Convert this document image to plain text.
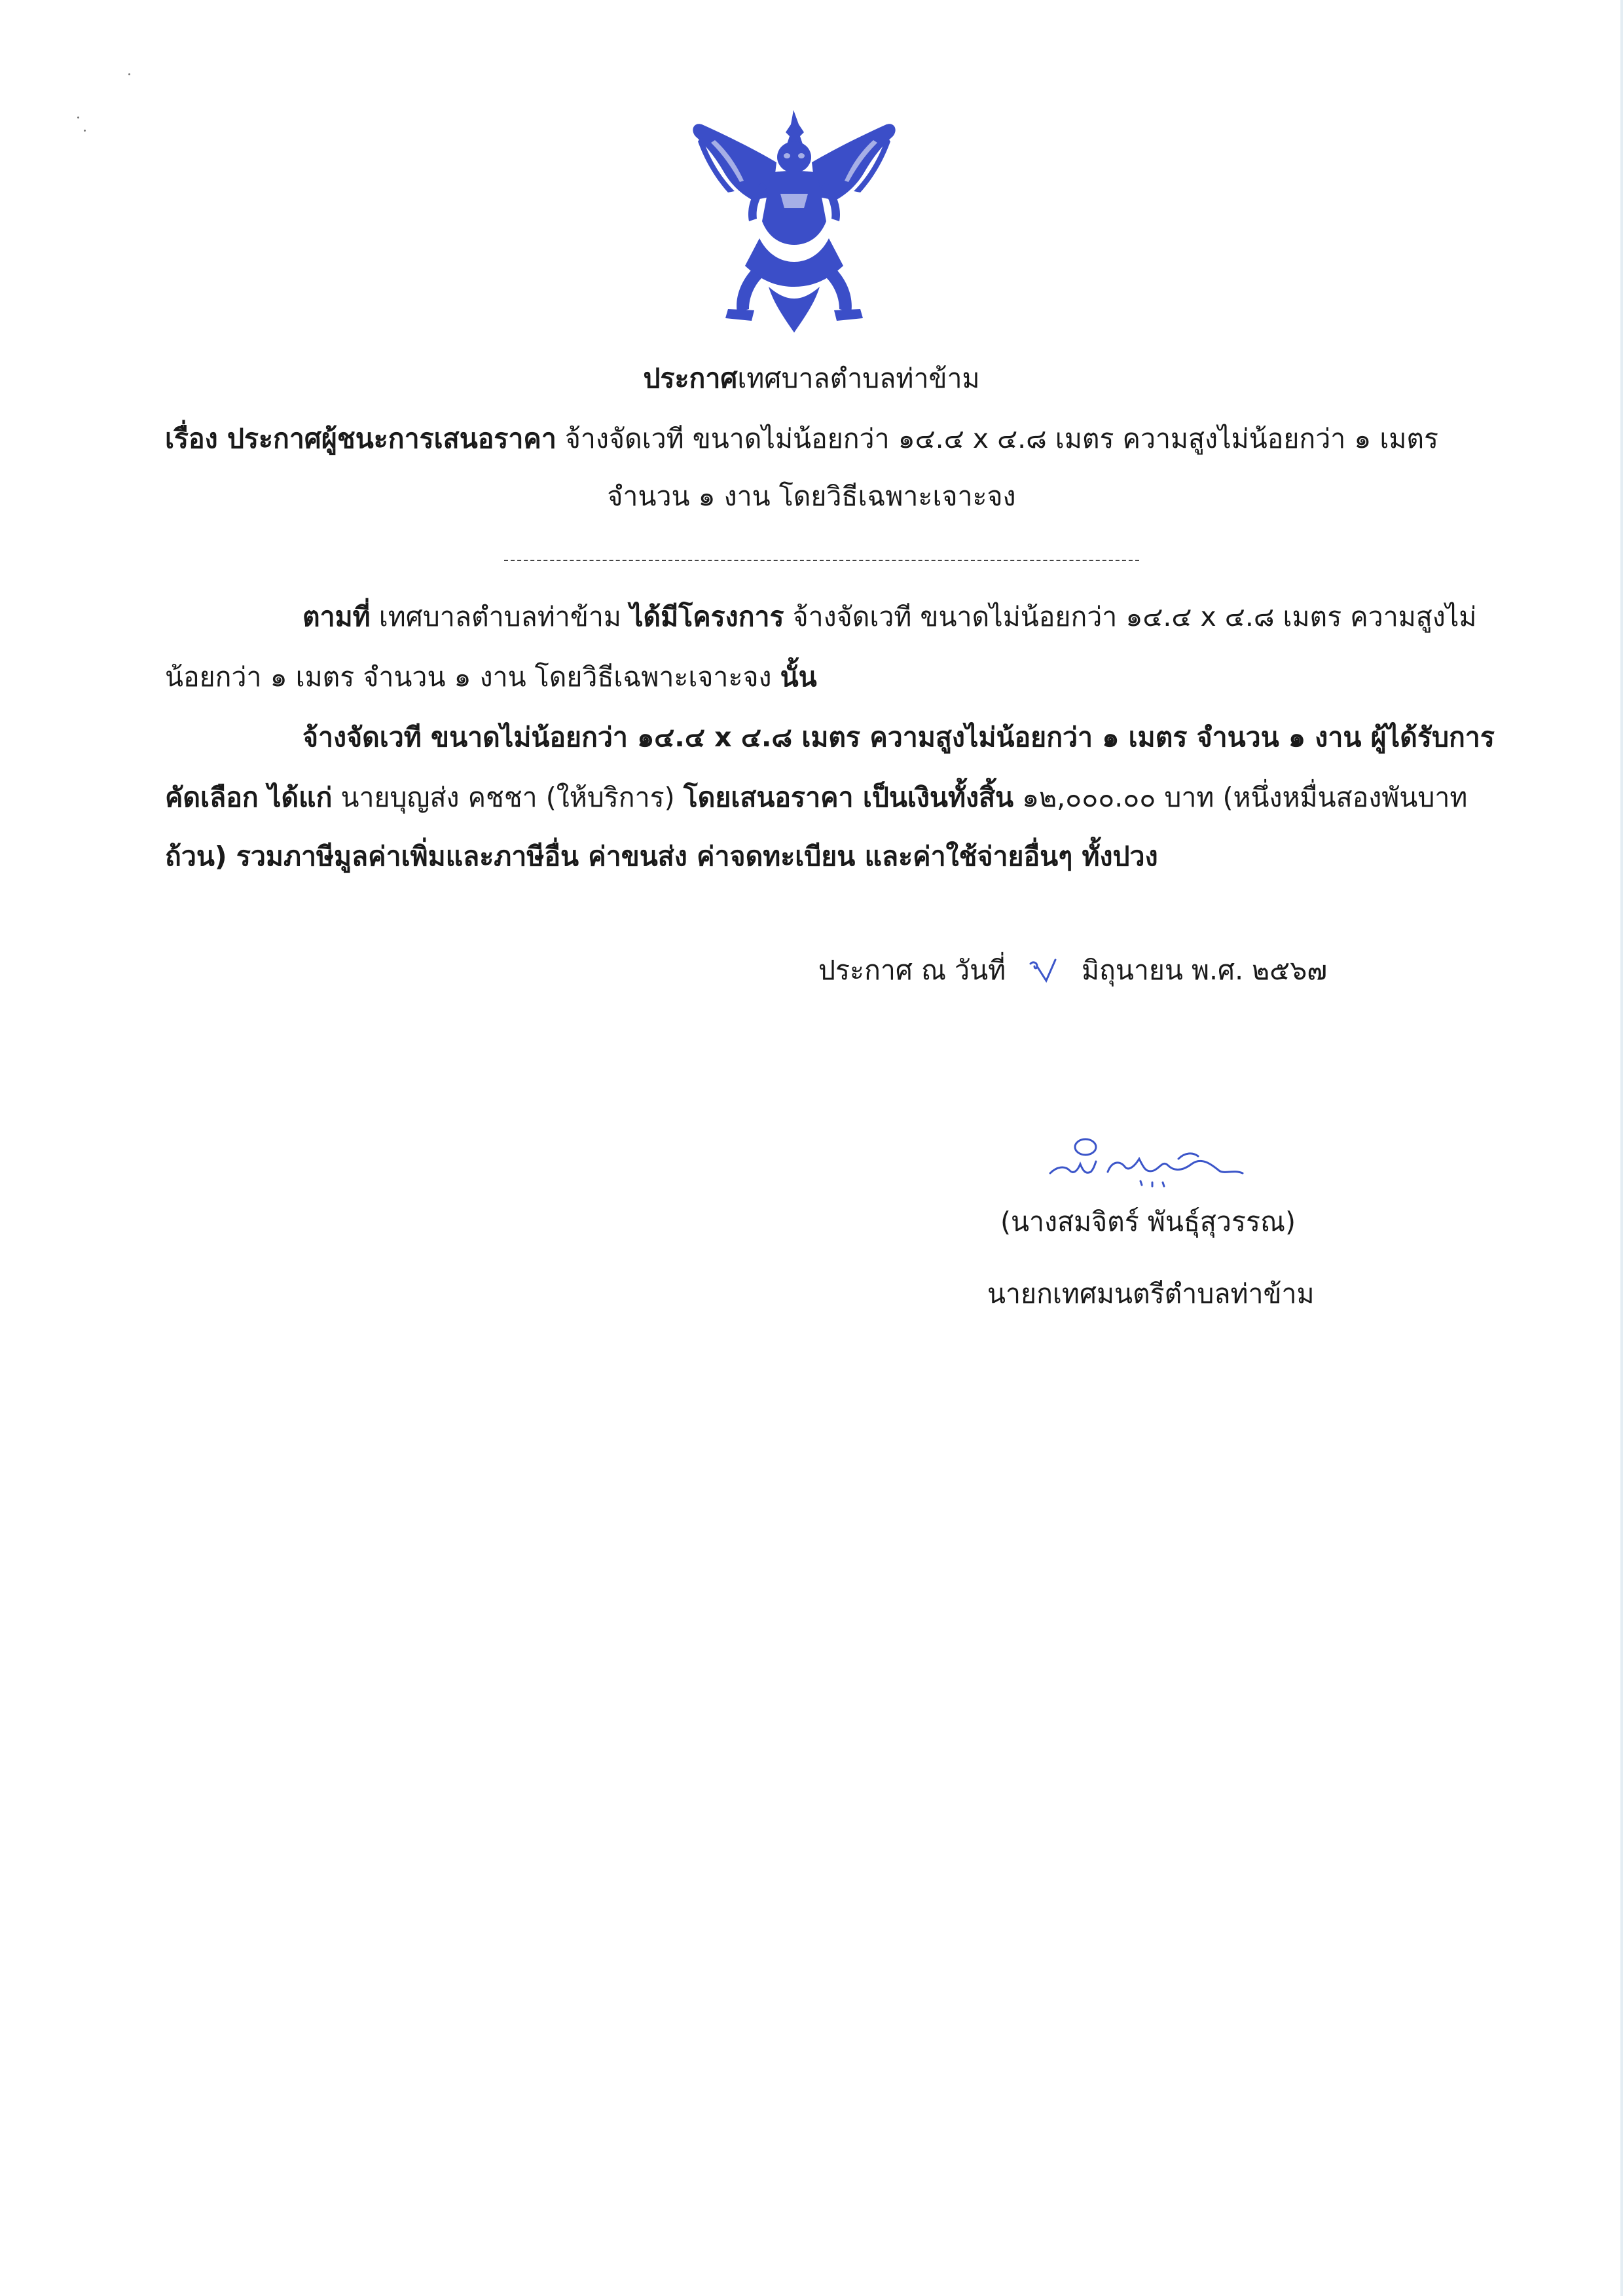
ประกาศเทศบาลตำบลท่าข้าม
เรื่อง ประกาศผู้ชนะการเสนอราคา จ้างจัดเวที ขนาดไม่น้อยกว่า ๑๔.๔ x ๔.๘ เมตร ความสูงไม่น้อยกว่า ๑ เมตร
จำนวน ๑ งาน โดยวิธีเฉพาะเจาะจง
ตามที่ เทศบาลตำบลท่าข้าม ได้มีโครงการ จ้างจัดเวที ขนาดไม่น้อยกว่า ๑๔.๔ x ๔.๘ เมตร ความสูงไม่
น้อยกว่า ๑ เมตร จำนวน ๑ งาน โดยวิธีเฉพาะเจาะจง นั้น
จ้างจัดเวที ขนาดไม่น้อยกว่า ๑๔.๔ x ๔.๘ เมตร ความสูงไม่น้อยกว่า ๑ เมตร จำนวน ๑ งาน ผู้ได้รับการ
คัดเลือก ได้แก่ นายบุญส่ง คชชา (ให้บริการ) โดยเสนอราคา เป็นเงินทั้งสิ้น ๑๒,๐๐๐.๐๐ บาท (หนึ่งหมื่นสองพันบาท
ถ้วน) รวมภาษีมูลค่าเพิ่มและภาษีอื่น ค่าขนส่ง ค่าจดทะเบียน และค่าใช้จ่ายอื่นๆ ทั้งปวง
ประกาศ ณ วันที่	มิถุนายน พ.ศ. ๒๕๖๗
(นางสมจิตร์ พันธุ์สุวรรณ)
นายกเทศมนตรีตำบลท่าข้าม
